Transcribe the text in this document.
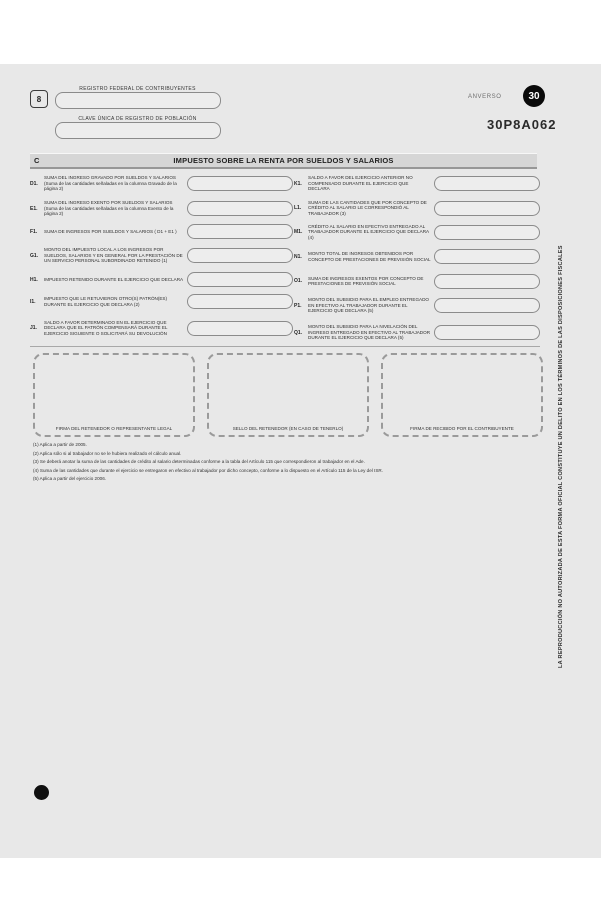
8
REGISTRO FEDERAL DE CONTRIBUYENTES
CLAVE ÚNICA DE REGISTRO DE POBLACIÓN
ANVERSO	30
30P8A062
C	IMPUESTO SOBRE LA RENTA POR SUELDOS Y SALARIOS
D1.
SUMA DEL INGRESO GRAVADO POR SUELDOS Y SALARIOS (Suma de las cantidades señaladas en la columna Gravado de la página 2)
E1.
SUMA DEL INGRESO EXENTO POR SUELDOS Y SALARIOS (Suma de las cantidades señaladas en la columna Exento de la página 2)
F1.	SUMA DE INGRESOS POR SUELDOS Y SALARIOS ( D1 + E1 )
G1.
MONTO DEL IMPUESTO LOCAL A LOS INGRESOS POR SUELDOS, SALARIOS Y EN GENERAL POR LA PRESTACIÓN DE UN SERVICIO PERSONAL SUBORDINADO RETENIDO (1)
H1.	IMPUESTO RETENIDO DURANTE EL EJERCICIO QUE DECLARA
I1.	IMPUESTO QUE LE RETUVIERON OTRO(S) PATRÓN(ES) DURANTE EL EJERCICIO QUE DECLARA (2)
J1.
SALDO A FAVOR DETERMINADO EN EL EJERCICIO QUE DECLARA QUE EL PATRÓN COMPENSARÁ DURANTE EL EJERCICIO SIGUIENTE O SOLICITARÁ SU DEVOLUCIÓN
K1.
SALDO A FAVOR DEL EJERCICIO ANTERIOR NO COMPENSADO DURANTE EL EJERCICIO QUE DECLARA
L1.
SUMA DE LAS CANTIDADES QUE POR CONCEPTO DE CRÉDITO AL SALARIO LE CORRESPONDIÓ AL TRABAJADOR (3)
M1.
CRÉDITO AL SALARIO EN EFECTIVO ENTREGADO AL TRABAJADOR DURANTE EL EJERCICIO QUE DECLARA (4)
N1.	MONTO TOTAL DE INGRESOS OBTENIDOS POR CONCEPTO DE PRESTACIONES DE PREVISIÓN SOCIAL
O1.	SUMA DE INGRESOS EXENTOS POR CONCEPTO DE PRESTACIONES DE PREVISIÓN SOCIAL
P1.
MONTO DEL SUBSIDIO PARA EL EMPLEO ENTREGADO EN EFECTIVO AL TRABAJADOR DURANTE EL EJERCICIO QUE DECLARA (5)
Q1.
MONTO DEL SUBSIDIO PARA LA NIVELACIÓN DEL INGRESO ENTREGADO EN EFECTIVO AL TRABAJADOR DURANTE EL EJERCICIO QUE DECLARA (5)
FIRMA DEL RETENEDOR O REPRESENTANTE LEGAL	SELLO DEL RETENEDOR (EN CASO DE TENERLO)	FIRMA DE RECIBIDO POR EL CONTRIBUYENTE
(1) Aplica a partir de 2005.
(2) Aplica sólo si al trabajador no se le hubiera realizado el cálculo anual.
(3) Se deberá anotar la suma de las cantidades de crédito al salario determinadas conforme a la tabla del Artículo 115 que correspondieron al trabajador en el Ade.
(4) Suma de las cantidades que durante el ejercicio se entregaron en efectivo al trabajador por dicho concepto, conforme a lo dispuesto en el Artículo 115 de la Ley del ISR.
(5) Aplica a partir del ejercicio 2006.	LA REPRODUCCIÓN NO AUTORIZADA DE ESTA FORMA OFICIAL CONSTITUYE UN DELITO EN LOS TÉRMINOS DE LAS DISPOSICIONES FISCALES
